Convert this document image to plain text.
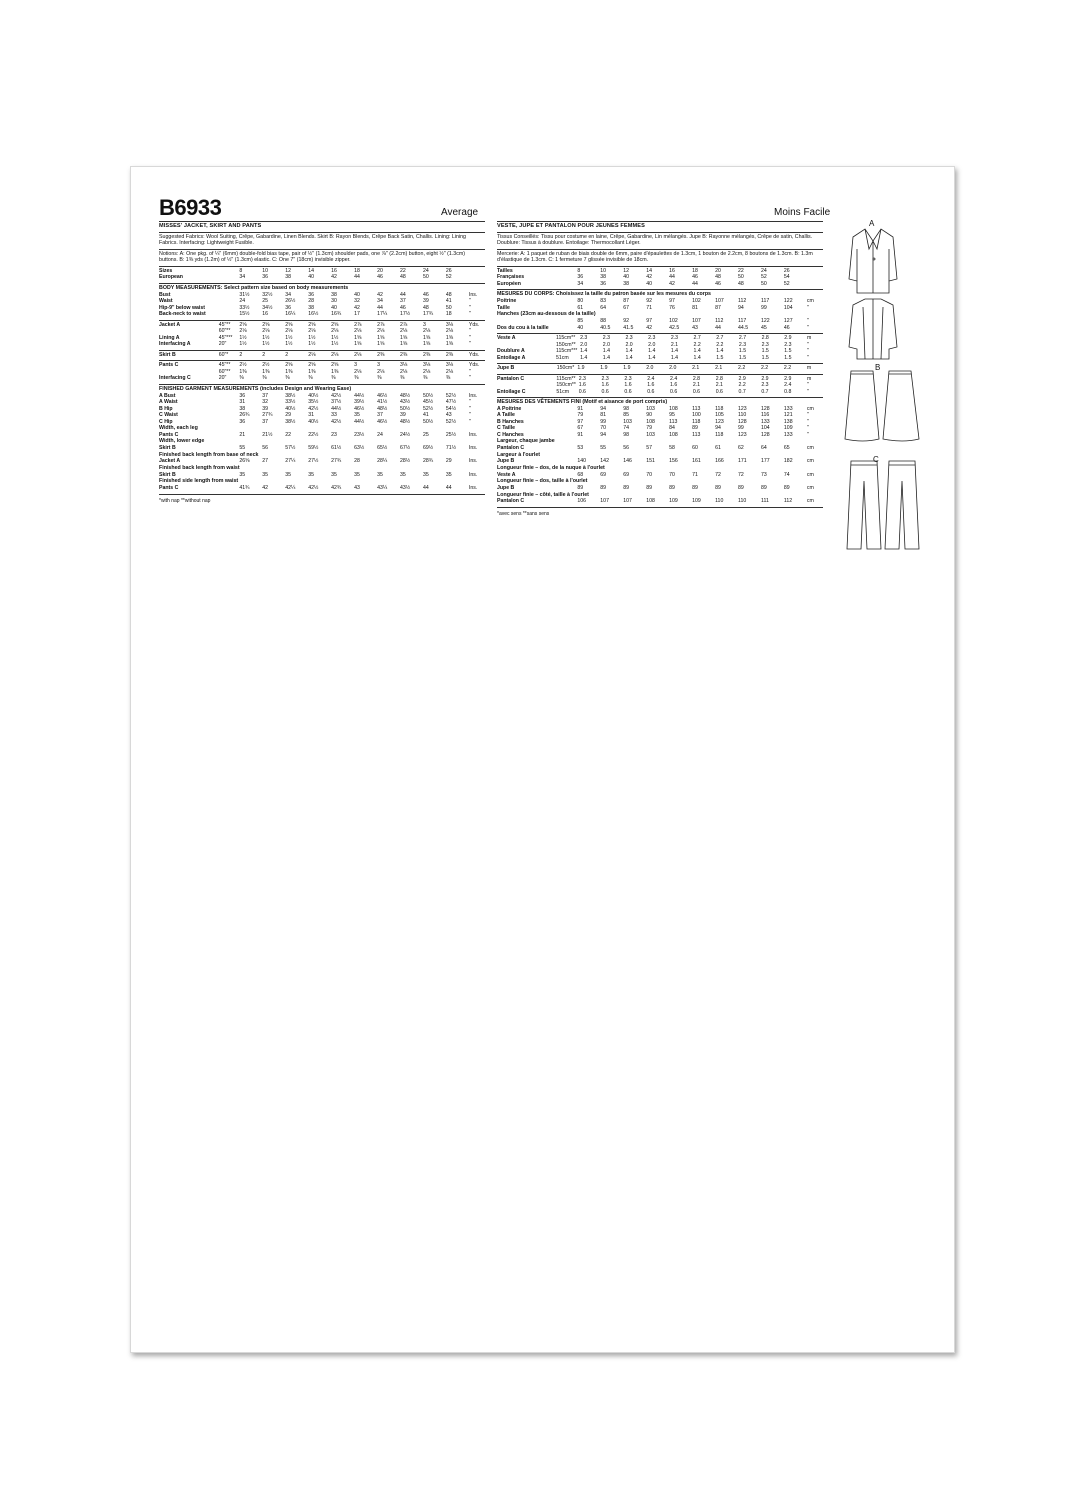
B6933	Average	Moins Facile
MISSES' JACKET, SKIRT AND PANTS
Suggested Fabrics: Wool Suiting, Crêpe, Gabardine, Linen Blends. Skirt B: Rayon Blends, Crêpe Back Satin, Challis. Lining: Lining Fabrics. Interfacing: Lightweight Fusible.
Notions: A: One pkg. of ¼" (6mm) double-fold bias tape, pair of ½" (1.3cm) shoulder pads, one ⅞" (2.2cm) button, eight ½" (1.3cm) buttons. B: 1⅜ yds (1.2m) of ½" (1.3cm) elastic. C: One 7" (18cm) invisible zipper.
Sizes		8	10	12	14	16	18	20	22	24	26	
European		34	36	38	40	42	44	46	48	50	52	
BODY MEASUREMENTS: Select pattern size based on body measurements
Bust		31½	32½	34	36	38	40	42	44	46	48	Ins.
Waist		24	25	26½	28	30	32	34	37	39	41	"
Hip-9" below waist		33½	34½	36	38	40	42	44	46	48	50	"
Back-neck to waist		15½	16	16¼	16½	16¾	17	17¼	17½	17¾	18	"
Jacket A	45"**	2⅝	2⅝	2⅝	2⅝	2⅝	2⅞	2⅞	2⅞	3	3⅛	Yds.
	60"**	2⅛	2⅛	2⅛	2⅛	2⅛	2⅛	2⅛	2⅛	2⅛	2⅛	"
Lining A	45"***	1½	1½	1½	1½	1½	1⅝	1⅝	1⅝	1⅝	1⅝	"
Interfacing A	20"	1½	1½	1½	1½	1½	1⅝	1⅝	1⅝	1⅝	1⅝	"
Skirt B	60"*	2	2	2	2⅛	2⅛	2⅛	2⅜	2⅜	2⅜	2⅜	Yds.
Pants C	45"**	2½	2½	2⅝	2⅝	2⅝	3	3	3⅛	3⅛	3⅛	Yds.
	60"**	1⅜	1⅜	1⅜	1⅜	1⅜	2⅛	2⅛	2⅛	2⅛	2⅛	"
Interfacing C	20"	⅜	⅜	⅜	⅜	⅜	⅜	⅜	⅜	⅜	⅜	"
FINISHED GARMENT MEASUREMENTS (includes Design and Wearing Ease)
A Bust		36	37	38½	40½	42½	44½	46½	48½	50½	52½	Ins.
A Waist		31	32	33½	35½	37½	39½	41½	43½	45½	47½	"
B Hip		38	39	40½	42½	44½	46½	48½	50½	52½	54½	"
C Waist		26¾	27¾	29	31	33	35	37	39	41	43	"
C Hip		36	37	38½	40½	42½	44½	46½	48½	50½	52½	"
Width, each leg												
Pants C		21	21½	22	22½	23	23½	24	24½	25	25½	Ins.
Width, lower edge												
Skirt B		55	56	57½	59½	61½	63½	65½	67½	69½	71½	Ins.
Finished back length from base of neck												
Jacket A		26⅝	27	27¼	27½	27¾	28	28¼	28½	28¾	29	Ins.
Finished back length from waist												
Skirt B		35	35	35	35	35	35	35	35	35	35	Ins.
Finished side length from waist												
Pants C		41¾	42	42¼	42½	42¾	43	43¼	43½	44	44	Ins.
*with nap **without nap
VESTE, JUPE ET PANTALON POUR JEUNES FEMMES
Tissus Conseillés: Tissu pour costume en laine, Crêpe, Gabardine, Lin mélangés. Jupe B: Rayonne mélangés, Crêpe de satin, Challis. Doublure: Tissus à doublure. Entoilage: Thermocollant Léger.
Mercerie: A: 1 paquet de ruban de biais double de 6mm, paire d'épaulettes de 1.3cm, 1 bouton de 2.2cm, 8 boutons de 1.3cm. B: 1.3m d'élastique de 1.3cm. C: 1 fermeture 7 glissée invisible de 18cm.
Tailles		8	10	12	14	16	18	20	22	24	26	
Françaises		36	38	40	42	44	46	48	50	52	54	
Européen		34	36	38	40	42	44	46	48	50	52	
MESURES DU CORPS: Choisissez la taille du patron basée sur les mesures du corps
Poitrine		80	83	87	92	97	102	107	112	117	122	cm
Taille		61	64	67	71	76	81	87	94	99	104	"
Hanches (23cm au-dessous de la taille)												
		85	88	92	97	102	107	112	117	122	127	"
Dos du cou à la taille		40	40.5	41.5	42	42.5	43	44	44.5	45	46	"
Veste A	115cm**	2.3	2.3	2.3	2.3	2.3	2.7	2.7	2.7	2.8	2.9	m
	150cm**	2.0	2.0	2.0	2.0	2.1	2.2	2.2	2.3	2.3	2.3	"
Doublure A	115cm***	1.4	1.4	1.4	1.4	1.4	1.4	1.4	1.5	1.5	1.5	"
Entoilage A	51cm	1.4	1.4	1.4	1.4	1.4	1.4	1.5	1.5	1.5	1.5	"
Jupe B	150cm*	1.9	1.9	1.9	2.0	2.0	2.1	2.1	2.2	2.2	2.2	m
Pantalon C	115cm**	2.3	2.3	2.3	2.4	2.4	2.8	2.8	2.9	2.9	2.9	m
	150cm**	1.6	1.6	1.6	1.6	1.6	2.1	2.1	2.2	2.3	2.4	"
Entoilage C	51cm	0.6	0.6	0.6	0.6	0.6	0.6	0.6	0.7	0.7	0.8	"
MESURES DES VÊTEMENTS FINI (Motif et aisance de port compris)
A Poitrine		91	94	98	103	108	113	118	123	128	133	cm
A Taille		79	81	85	90	95	100	105	110	116	121	"
B Hanches		97	99	103	108	113	118	123	128	133	138	"
C Taille		67	70	74	79	84	89	94	99	104	109	"
C Hanches		91	94	98	103	108	113	118	123	128	133	"
Largeur, chaque jambe												
Pantalon C		53	55	56	57	58	60	61	62	64	65	cm
Largeur à l'ourlet												
Jupe B		140	142	146	151	156	161	166	171	177	182	cm
Longueur finie – dos, de la nuque à l'ourlet												
Veste A		68	69	69	70	70	71	72	72	73	74	cm
Longueur finie – dos, taille à l'ourlet												
Jupe B		89	89	89	89	89	89	89	89	89	89	cm
Longueur finie – côté, taille à l'ourlet												
Pantalon C		106	107	107	108	109	109	110	110	111	112	cm
*avec sens **sans sens
A
B
C
